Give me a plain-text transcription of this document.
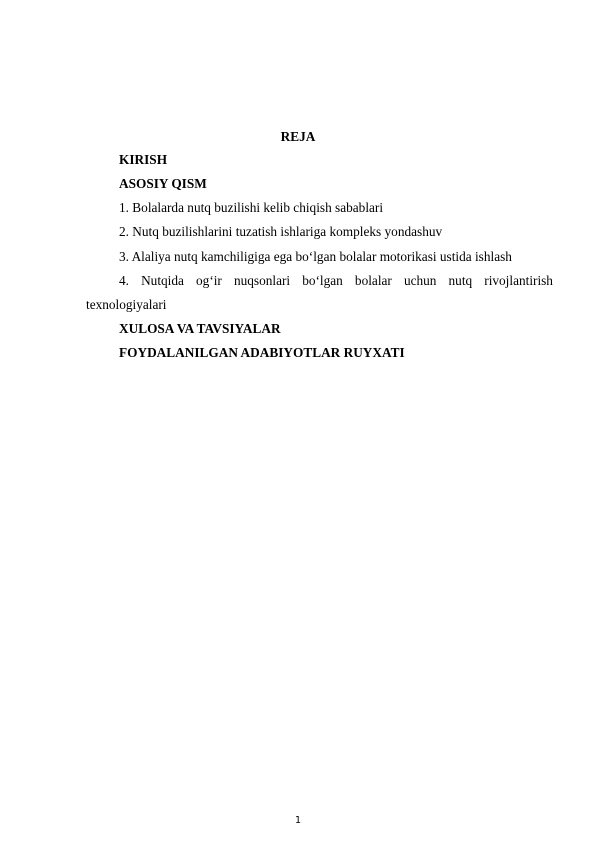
REJA
KIRISH
ASOSIY QISM
1. Bolalarda nutq buzilishi kelib chiqish sabablari
2. Nutq buzilishlarini tuzatish ishlariga kompleks yondashuv
3. Alaliya nutq kamchiligiga ega bo‘lgan bolalar motorikasi ustida ishlash
4. Nutqida og‘ir nuqsonlari bo‘lgan bolalar uchun nutq rivojlantirish
texnologiyalari
XULOSA VA TAVSIYALAR
FOYDALANILGAN ADABIYOTLAR RUYXATI
1
